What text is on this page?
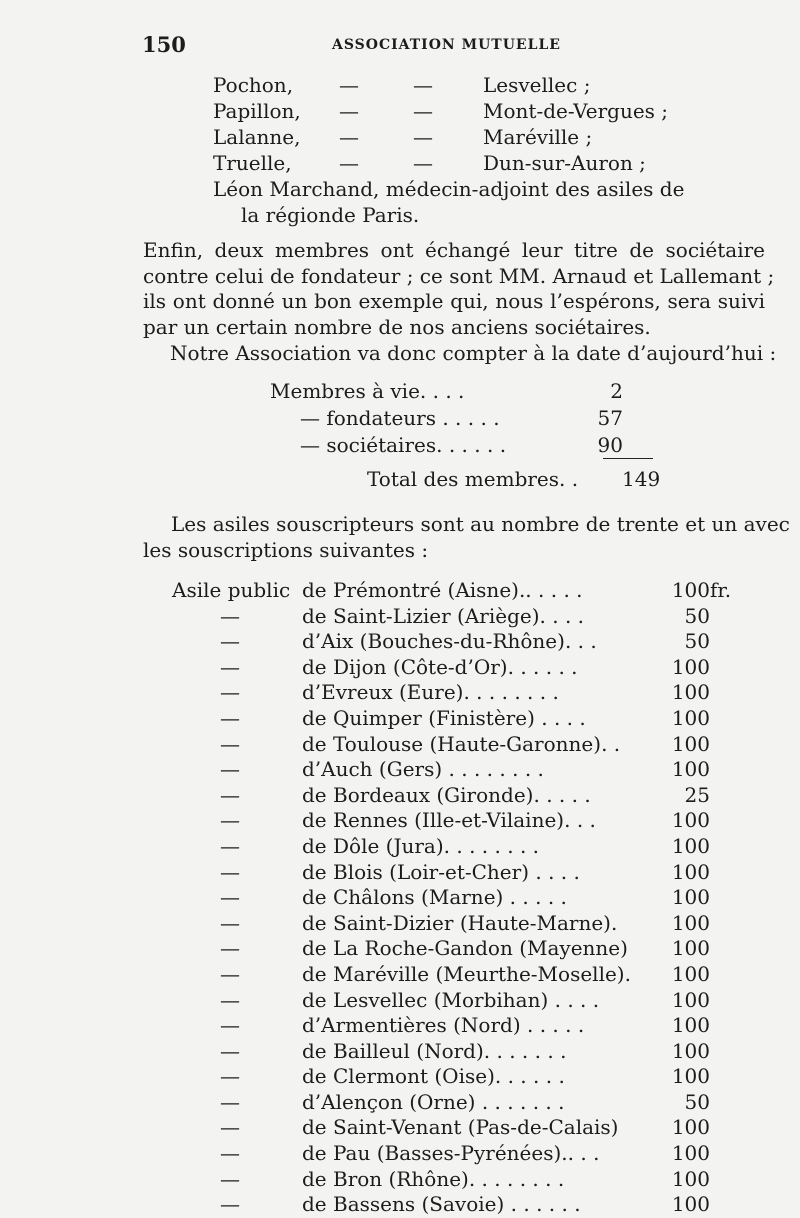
150	ASSOCIATION MUTUELLE
Pochon, —	—	Lesvellec ;
Papillon, —	—	Mont-de-Vergues ;
Lalanne, —	—	Maréville ;
Truelle, —	—	Dun-sur-Auron ;
Léon Marchand, médecin-adjoint des asiles de
la régionde Paris.
Enfin, deux membres ont échangé leur titre de sociétaire
contre celui de fondateur ; ce sont MM. Arnaud et Lallemant ;
ils ont donné un bon exemple qui, nous l’espérons, sera suivi
par un certain nombre de nos anciens sociétaires.
Notre Association va donc compter à la date d’aujourd’hui :
Membres à vie. . . .	2
— fondateurs . . . . .	57
— sociétaires. . . . . .	90
Total des membres. . 149
Les asiles souscripteurs sont au nombre de trente et un avec
les souscriptions suivantes :
Asile public de Prémontré (Aisne).. . . . .	100 fr.
—	de Saint-Lizier (Ariège). . . .	50
—	d’Aix (Bouches-du-Rhône). . .	50
—	de Dijon (Côte-d’Or). . . . . .	100
—	d’Evreux (Eure). . . . . . . .	100
—	de Quimper (Finistère) . . . .	100
—	de Toulouse (Haute-Garonne). .	100
—	d’Auch (Gers) . . . . . . . .	100
—	de Bordeaux (Gironde). . . . .	25
—	de Rennes (Ille-et-Vilaine). . .	100
—	de Dôle (Jura). . . . . . . .	100
—	de Blois (Loir-et-Cher) . . . .	100
—	de Châlons (Marne) . . . . .	100
—	de Saint-Dizier (Haute-Marne).	100
—	de La Roche-Gandon (Mayenne) 100
—	de Maréville (Meurthe-Moselle). 100
—	de Lesvellec (Morbihan) . . . .	100
—	d’Armentières (Nord) . . . . .	100
—	de Bailleul (Nord). . . . . . .	100
—	de Clermont (Oise). . . . . .	100
—	d’Alençon (Orne) . . . . . . .	50
—	de Saint-Venant (Pas-de-Calais)	100
—	de Pau (Basses-Pyrénées).. . .	100
—	de Bron (Rhône). . . . . . . .	100
—	de Bassens (Savoie) . . . . . .	100
